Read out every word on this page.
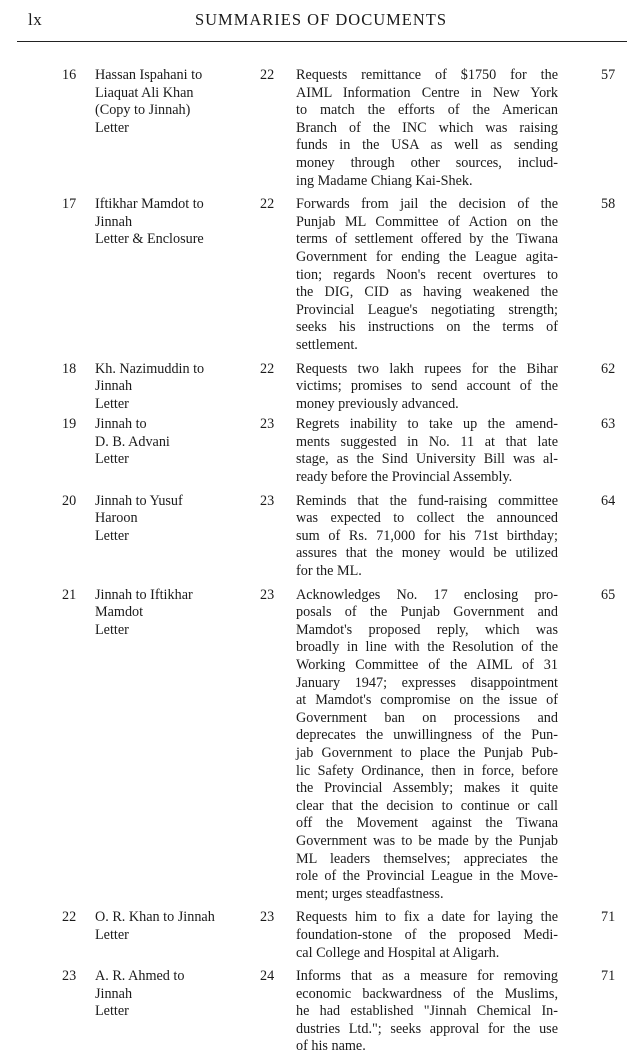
lx	SUMMARIES OF DOCUMENTS
16	Hassan Ispahani to
Liaquat Ali Khan
(Copy to Jinnah)
Letter
22	Requests remittance of $1750 for the
AIML Information Centre in New York
to match the efforts of the American
Branch of the INC which was raising
funds in the USA as well as sending
money through other sources, includ-
ing Madame Chiang Kai-Shek.
57
17	Iftikhar Mamdot to
Jinnah
Letter & Enclosure
22	Forwards from jail the decision of the
Punjab ML Committee of Action on the
terms of settlement offered by the Tiwana
Government for ending the League agita-
tion; regards Noon's recent overtures to
the DIG, CID as having weakened the
Provincial League's negotiating strength;
seeks his instructions on the terms of
settlement.
58
18	Kh. Nazimuddin to
Jinnah
Letter
22	Requests two lakh rupees for the Bihar
victims; promises to send account of the
money previously advanced.
62
19	Jinnah to
D. B. Advani
Letter
23	Regrets inability to take up the amend-
ments suggested in No. 11 at that late
stage, as the Sind University Bill was al-
ready before the Provincial Assembly.
63
20	Jinnah to Yusuf
Haroon
Letter
23	Reminds that the fund-raising committee
was expected to collect the announced
sum of Rs. 71,000 for his 71st birthday;
assures that the money would be utilized
for the ML.
64
21	Jinnah to Iftikhar
Mamdot
Letter
23	Acknowledges No. 17 enclosing pro-
posals of the Punjab Government and
Mamdot's proposed reply, which was
broadly in line with the Resolution of the
Working Committee of the AIML of 31
January 1947; expresses disappointment
at Mamdot's compromise on the issue of
Government ban on processions and
deprecates the unwillingness of the Pun-
jab Government to place the Punjab Pub-
lic Safety Ordinance, then in force, before
the Provincial Assembly; makes it quite
clear that the decision to continue or call
off the Movement against the Tiwana
Government was to be made by the Punjab
ML leaders themselves; appreciates the
role of the Provincial League in the Move-
ment; urges steadfastness.
65
22	O. R. Khan to Jinnah
Letter
23	Requests him to fix a date for laying the
foundation-stone of the proposed Medi-
cal College and Hospital at Aligarh.
71
23	A. R. Ahmed to
Jinnah
Letter
24	Informs that as a measure for removing
economic backwardness of the Muslims,
he had established "Jinnah Chemical In-
dustries Ltd."; seeks approval for the use
of his name.
71
